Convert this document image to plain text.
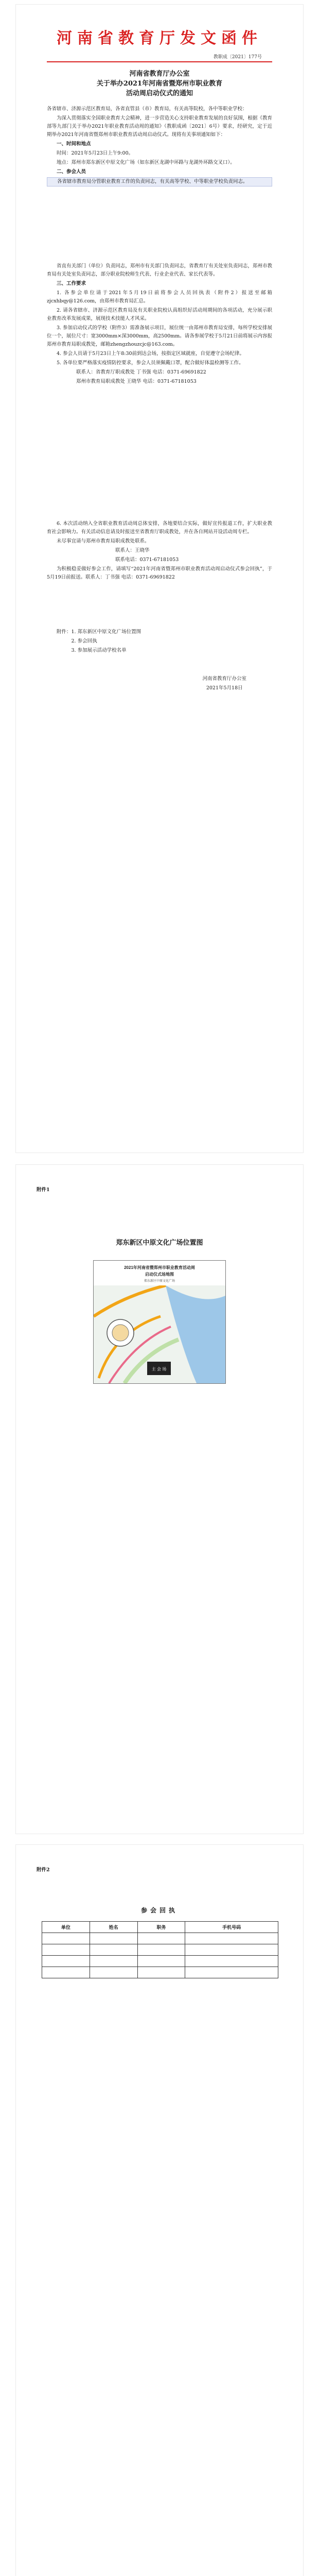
河南省教育厅发文函件
教职成〔2021〕177号
河南省教育厅办公室
关于举办2021年河南省暨郑州市职业教育
活动周启动仪式的通知

各省辖市、济源示范区教育局，各省直管县（市）教育局，有关高等院校，各中等职业学校：

为深入贯彻落实全国职业教育大会精神，进一步营造关心支持职业教育发展的良好氛围，根据《教育部等九部门关于举办2021年职业教育活动周的通知》（教职成函〔2021〕6号）要求，经研究，定于近期举办2021年河南省暨郑州市职业教育活动周启动仪式。现将有关事项通知如下：

一、时间和地点

时间：2021年5月23日上午9:00。

地点：郑州市郑东新区中原文化广场（如东新区龙湖中环路与龙湖外环路交叉口）。

二、参会人员

各省辖市教育局分管职业教育工作的负责同志，有关高等学校、中等职业学校负责同志。

省直有关部门（单位）负责同志，郑州市有关部门负责同志，省教育厅有关处室负责同志，郑州市教育局有关处室负责同志，部分职业院校师生代表、行业企业代表、家长代表等。

三、工作要求

1. 各参会单位请于2021年5月19日前将参会人员回执表（附件2）报送至邮箱zjcxhbqy@126.com，由郑州市教育局汇总。

2. 请各省辖市、济源示范区教育局及有关职业院校认真组织好活动周期间的各项活动，充分展示职业教育改革发展成果，展现技术技能人才风采。

3. 参加启动仪式的学校（附件3）需准备展示项目，展位统一由郑州市教育局安排，每所学校安排展位一个，展位尺寸：宽3000mm×深3000mm，高2500mm。请各参展学校于5月21日前将展示内容报郑州市教育局职成教处，邮箱zhengzhouzcjc@163.com。

4. 参会人员请于5月23日上午8:30前到达会场，按指定区域就座，自觉遵守会场纪律。

5. 各单位要严格落实疫情防控要求，参会人员须佩戴口罩，配合做好体温检测等工作。

联系人：省教育厅职成教处 丁书强 电话：0371-69691822

郑州市教育局职成教处 王晓华 电话：0371-67181053

6. 本次活动纳入全省职业教育活动周总体安排，各地要结合实际，做好宣传报道工作，扩大职业教育社会影响力。有关活动信息请及时报送至省教育厅职成教处，并在各自网站开设活动周专栏。

未尽事宜请与郑州市教育局职成教处联系。

联系人：王晓华

联系电话：0371-67181053

为积极稳妥做好参会工作，请填写“2021年河南省暨郑州市职业教育活动周启动仪式参会回执”，于5月19日前报送。联系人：丁书强 电话：0371-69691822

附件：1. 郑东新区中原文化广场位置图

2. 参会回执

3. 参加展示活动学校名单

河南省教育厅办公室
2021年5月18日
附件1
郑东新区中原文化广场位置图
2021年河南省暨郑州市职业教育活动周
启动仪式场地图
郑东新区中原文化广场
主 会 场
附件2
参会回执
单位	姓名	职务	手机号码
